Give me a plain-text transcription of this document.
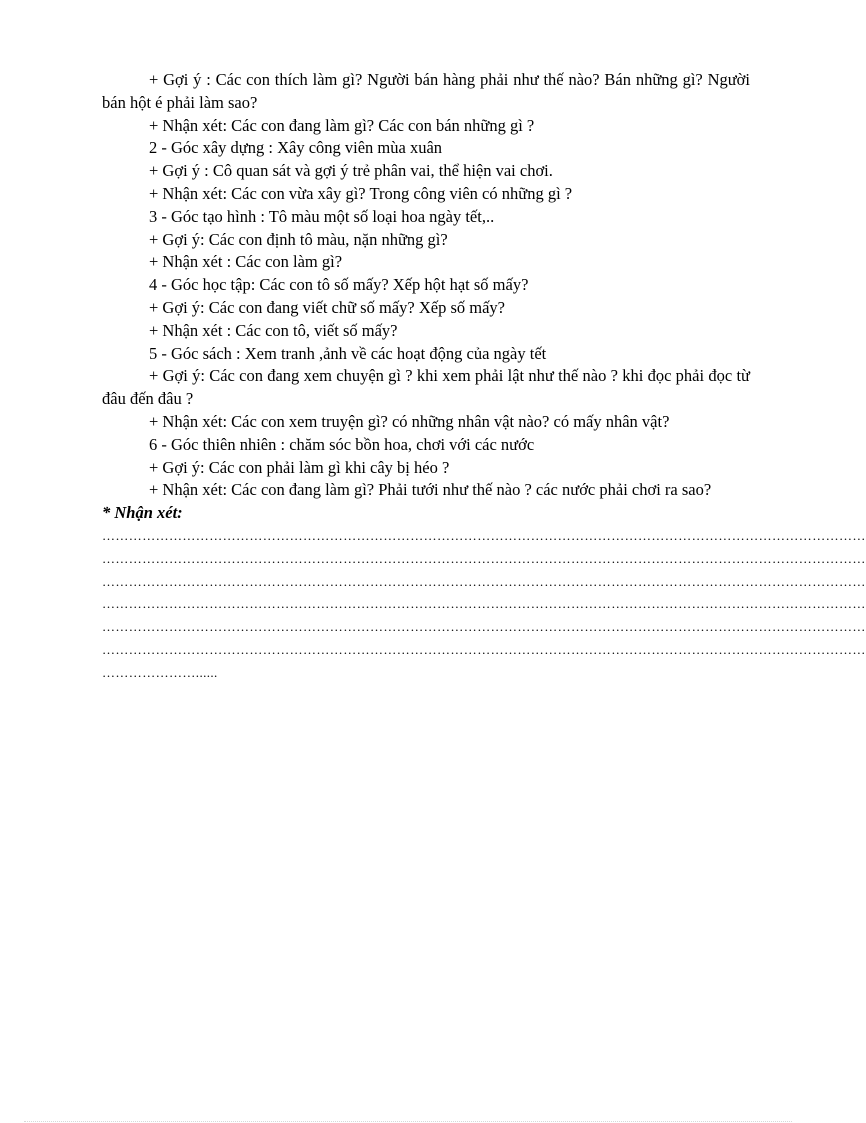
+ Gợi ý : Các con thích làm gì? Người bán hàng phải như thế nào? Bán những gì? Người bán hột é phải làm sao?

+ Nhận xét: Các con đang làm gì? Các con bán những gì ?

2 - Góc xây dựng : Xây công viên mùa xuân

+ Gợi ý : Cô quan sát và gợi ý trẻ phân vai, thể hiện vai chơi.

+ Nhận xét: Các con vừa xây gì? Trong công viên có những gì ?

3 - Góc tạo hình : Tô màu một số loại hoa ngày tết,..

+ Gợi ý: Các con định tô màu, nặn những gì?

+ Nhận xét : Các con làm gì?

4 - Góc học tập: Các con tô số mấy? Xếp hột hạt số mấy?

+ Gợi ý: Các con đang viết chữ số mấy? Xếp số mấy?

+ Nhận xét : Các con tô, viết số mấy?

5 - Góc sách : Xem tranh ,ảnh về các hoạt động của ngày tết

+ Gợi ý: Các con đang xem chuyện gì ? khi xem phải lật như thế nào ? khi đọc phải đọc từ đâu đến đâu ?

+ Nhận xét: Các con xem truyện gì? có những nhân vật nào? có mấy nhân vật?

6 - Góc thiên nhiên : chăm sóc bồn hoa, chơi với các nước

+ Gợi ý: Các con phải làm gì khi cây bị héo ?

+ Nhận xét: Các con đang làm gì? Phải tưới như thế nào ? các nước phải chơi ra sao?

* Nhận xét:

………………………………………………………………………………………………………………………………………………………

………………………………………………………………………………………………………………………………………………………

………………………………………………………………………………………………………………………………………………………

………………………………………………………………………………………………………………………………………………………

………………………………………………………………………………………………………………………………………………………

………………………………………………………………………………………………………………………………………………………

…………………......
